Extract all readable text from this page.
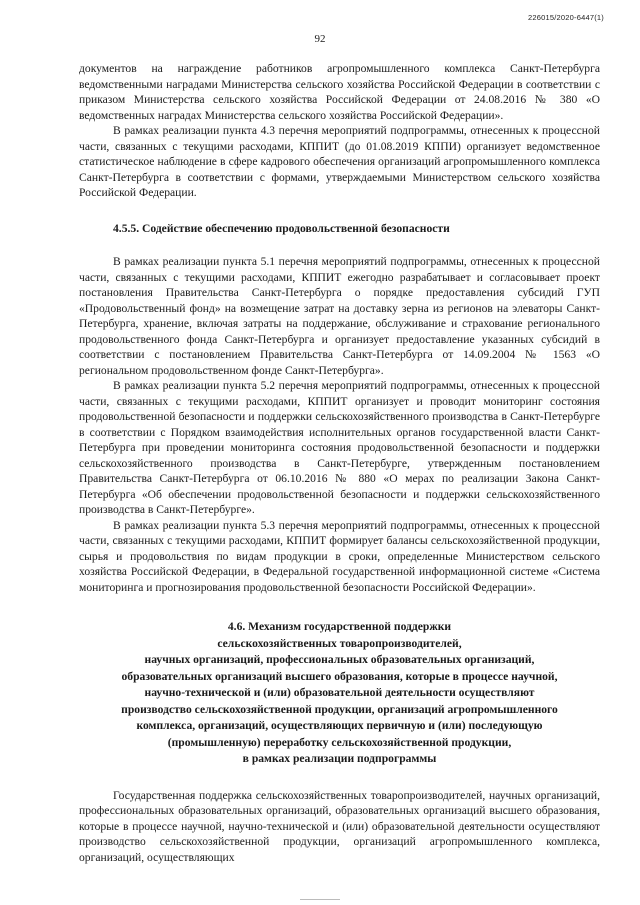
226015/2020-6447(1)
92

документов на награждение работников агропромышленного комплекса Санкт-Петербурга ведомственными наградами Министерства сельского хозяйства Российской Федерации в соответствии с приказом Министерства сельского хозяйства Российской Федерации от 24.08.2016 № 380 «О ведомственных наградах Министерства сельского хозяйства Российской Федерации».

В рамках реализации пункта 4.3 перечня мероприятий подпрограммы, отнесенных к процессной части, связанных с текущими расходами, КППИТ (до 01.08.2019 КППИ) организует ведомственное статистическое наблюдение в сфере кадрового обеспечения организаций агропромышленного комплекса Санкт-Петербурга в соответствии с формами, утверждаемыми Министерством сельского хозяйства Российской Федерации.

4.5.5. Содействие обеспечению продовольственной безопасности

В рамках реализации пункта 5.1 перечня мероприятий подпрограммы, отнесенных к процессной части, связанных с текущими расходами, КППИТ ежегодно разрабатывает и согласовывает проект постановления Правительства Санкт-Петербурга о порядке предоставления субсидий ГУП «Продовольственный фонд» на возмещение затрат на доставку зерна из регионов на элеваторы Санкт-Петербурга, хранение, включая затраты на поддержание, обслуживание и страхование регионального продовольственного фонда Санкт-Петербурга и организует предоставление указанных субсидий в соответствии с постановлением Правительства Санкт-Петербурга от 14.09.2004 № 1563 «О региональном продовольственном фонде Санкт-Петербурга».

В рамках реализации пункта 5.2 перечня мероприятий подпрограммы, отнесенных к процессной части, связанных с текущими расходами, КППИТ организует и проводит мониторинг состояния продовольственной безопасности и поддержки сельскохозяйственного производства в Санкт-Петербурге в соответствии с Порядком взаимодействия исполнительных органов государственной власти Санкт-Петербурга при проведении мониторинга состояния продовольственной безопасности и поддержки сельскохозяйственного производства в Санкт-Петербурге, утвержденным постановлением Правительства Санкт-Петербурга от 06.10.2016 № 880 «О мерах по реализации Закона Санкт-Петербурга «Об обеспечении продовольственной безопасности и поддержки сельскохозяйственного производства в Санкт-Петербурге».

В рамках реализации пункта 5.3 перечня мероприятий подпрограммы, отнесенных к процессной части, связанных с текущими расходами, КППИТ формирует балансы сельскохозяйственной продукции, сырья и продовольствия по видам продукции в сроки, определенные Министерством сельского хозяйства Российской Федерации, в Федеральной государственной информационной системе «Система мониторинга и прогнозирования продовольственной безопасности Российской Федерации».

4.6. Механизм государственной поддержки
сельскохозяйственных товаропроизводителей,
научных организаций, профессиональных образовательных организаций,
образовательных организаций высшего образования, которые в процессе научной,
научно-технической и (или) образовательной деятельности осуществляют
производство сельскохозяйственной продукции, организаций агропромышленного
комплекса, организаций, осуществляющих первичную и (или) последующую
(промышленную) переработку сельскохозяйственной продукции,
в рамках реализации подпрограммы

Государственная поддержка сельскохозяйственных товаропроизводителей, научных организаций, профессиональных образовательных организаций, образовательных организаций высшего образования, которые в процессе научной, научно-технической и (или) образовательной деятельности осуществляют производство сельскохозяйственной продукции, организаций агропромышленного комплекса, организаций, осуществляющих
